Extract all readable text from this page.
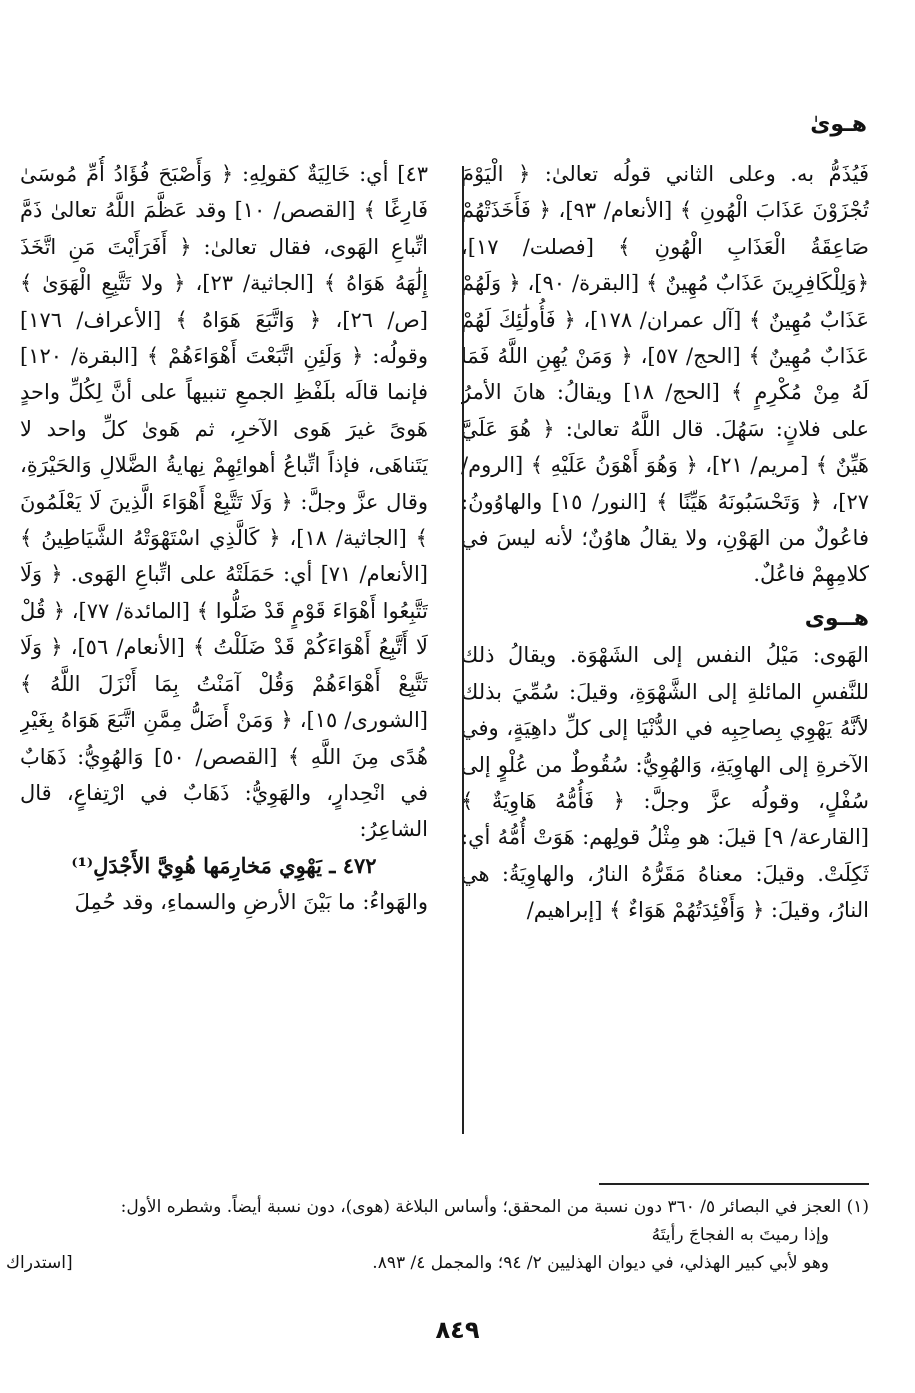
هـوىٰ

فَيُذَمُّ به. وعلى الثاني قولُه تعالىٰ: ﴿ الْيَوْمَ تُجْزَوْنَ عَذَابَ الْهُونِ ﴾ [الأنعام/ ٩٣]، ﴿ فَأَخَذَتْهُمْ صَاعِقَةُ الْعَذَابِ الْهُونِ ﴾ [فصلت/ ١٧]، ﴿وَلِلْكَافِرِينَ عَذَابٌ مُهِينٌ ﴾ [البقرة/ ٩٠]، ﴿ وَلَهُمْ عَذَابٌ مُهِينٌ ﴾ [آل عمران/ ١٧٨]، ﴿ فَأُولَٰئِكَ لَهُمْ عَذَابٌ مُهِينٌ ﴾ [الحج/ ٥٧]، ﴿ وَمَنْ يُهِنِ اللَّهُ فَمَا لَهُ مِنْ مُكْرِمٍ ﴾ [الحج/ ١٨] ويقالُ: هانَ الأمرُ على فلانٍ: سَهُلَ. قال اللَّهُ تعالىٰ: ﴿ هُوَ عَلَيَّ هَيِّنٌ ﴾ [مريم/ ٢١]، ﴿ وَهُوَ أَهْوَنُ عَلَيْهِ ﴾ [الروم/ ٢٧]، ﴿ وَتَحْسَبُونَهُ هَيِّنًا ﴾ [النور/ ١٥] والهاوُونُ: فاعُولٌ من الهَوْنِ، ولا يقالُ هاوُنٌ؛ لأنه ليسَ في كلامِهِمْ فاعُلٌ.

هــوى

الهَوى: مَيْلُ النفس إلى الشَهْوَة. ويقالُ ذلك للنَّفسِ المائلةِ إلى الشَّهْوَةِ، وقيلَ: سُمِّيَ بذلك لأنَّهُ يَهْوِي بِصاحِبِه في الدُّنْيَا إلى كلِّ داهِيَةٍ، وفي الآخرةِ إلى الهاوِيَةِ، وَالهُوِيُّ: سُقُوطٌ من عُلْوٍ إلى سُفْلٍ، وقولُه عزَّ وجلَّ: ﴿ فَأُمُّهُ هَاوِيَةٌ ﴾ [القارعة/ ٩] قيلَ: هو مِثْلُ قولِهم: هَوَتْ أُمُّهُ أي: ثَكِلَتْ. وقيلَ: معناهُ مَقَرُّهُ النارُ، والهاوِيَةُ: هي النارُ، وقيلَ: ﴿ وَأَفْئِدَتُهُمْ هَوَاءٌ ﴾ [إبراهيم/

٤٣] أي: خَالِيَةٌ كقولِهِ: ﴿ وَأَصْبَحَ فُؤَادُ أُمِّ مُوسَىٰ فَارِغًا ﴾ [القصص/ ١٠] وقد عَظَّمَ اللَّهُ تعالىٰ ذَمَّ اتِّباعِ الهَوى، فقال تعالىٰ: ﴿ أَفَرَأَيْتَ مَنِ اتَّخَذَ إِلَٰهَهُ هَوَاهُ ﴾ [الجاثية/ ٢٣]، ﴿ ولا تَتَّبِعِ الْهَوَىٰ ﴾ [ص/ ٢٦]، ﴿ وَاتَّبَعَ هَوَاهُ ﴾ [الأعراف/ ١٧٦] وقولُه: ﴿ وَلَئِنِ اتَّبَعْتَ أَهْوَاءَهُمْ ﴾ [البقرة/ ١٢٠] فإنما قالَه بلَفْظِ الجمعِ تنبيهاً على أنَّ لِكُلِّ واحدٍ هَوىً غيرَ هَوى الآخرِ، ثم هَوىٰ كلِّ واحد لا يَتَناهَى، فإذاً اتِّباعُ أهوائِهِمْ نِهايةُ الضَّلالِ وَالحَيْرَةِ، وقال عزَّ وجلَّ: ﴿ وَلَا تَتَّبِعْ أَهْوَاءَ الَّذِينَ لَا يَعْلَمُونَ ﴾ [الجاثية/ ١٨]، ﴿ كَالَّذِي اسْتَهْوَتْهُ الشَّيَاطِينُ ﴾ [الأنعام/ ٧١] أي: حَمَلَتْهُ على اتِّباعِ الهَوى. ﴿ وَلَا تَتَّبِعُوا أَهْوَاءَ قَوْمٍ قَدْ ضَلُّوا ﴾ [المائدة/ ٧٧]، ﴿ قُلْ لَا أَتَّبِعُ أَهْوَاءَكُمْ قَدْ ضَلَلْتُ ﴾ [الأنعام/ ٥٦]، ﴿ وَلَا تَتَّبِعْ أَهْوَاءَهُمْ وَقُلْ آمَنْتُ بِمَا أَنْزَلَ اللَّهُ ﴾ [الشورى/ ١٥]، ﴿ وَمَنْ أَضَلُّ مِمَّنِ اتَّبَعَ هَوَاهُ بِغَيْرِ هُدًى مِنَ اللَّهِ ﴾ [القصص/ ٥٠] وَالهُوِيُّ: ذَهَابٌ في انْحِدارٍ، والهَوِيُّ: ذَهَابٌ في ارْتِفاعٍ، قال الشاعِرُ:

٤٧٢ ـ يَهْوِي مَخارِمَها هُوِيَّ الأَجْدَلِ⁽¹⁾

والهَواءُ: ما بَيْنَ الأرضِ والسماءِ، وقد حُمِلَ

(١) العجز في البصائر ٥/ ٣٦٠ دون نسبة من المحقق؛ وأساس البلاغة (هوى)، دون نسبة أيضاً. وشطره الأول:

وإذا رميتَ به الفجاجَ رأيتَهُ

وهو لأبي كبير الهذلي، في ديوان الهذليين ٢/ ٩٤؛ والمجمل ٤/ ٨٩٣.

[استدراك
٨٤٩
